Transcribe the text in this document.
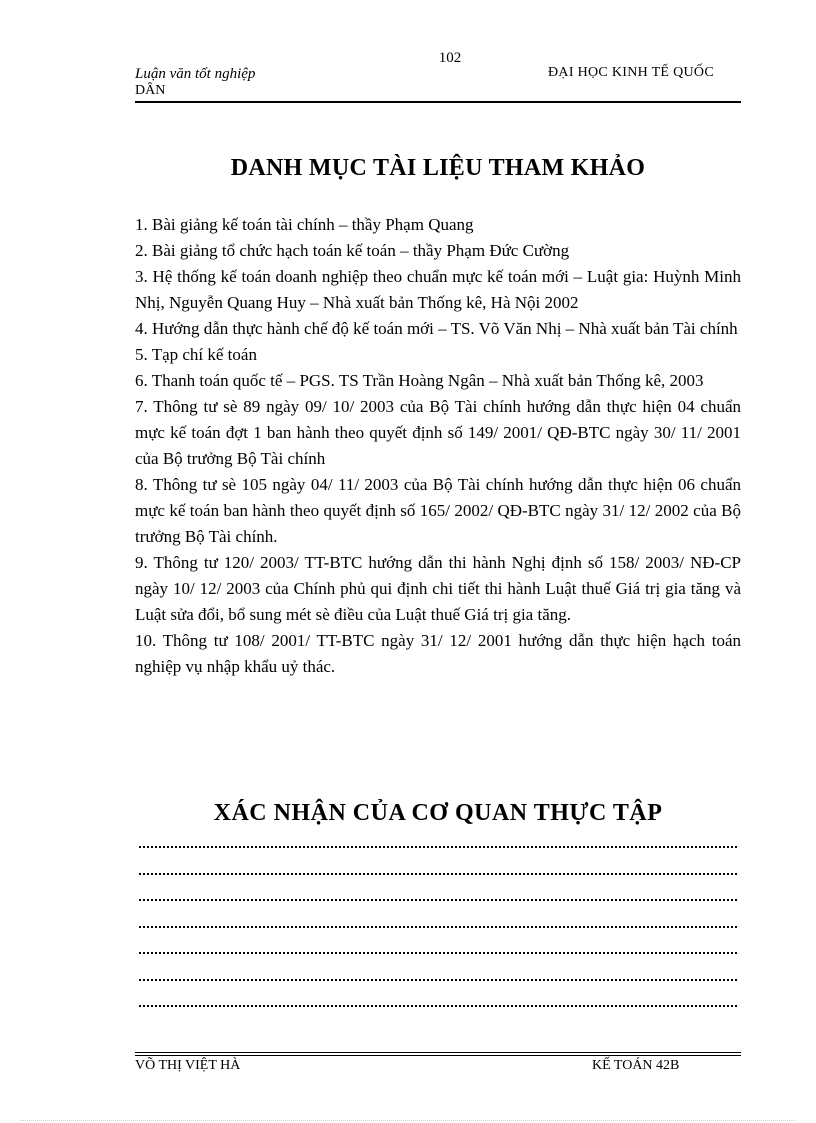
102
Luận văn tốt nghiệp	ĐẠI HỌC KINH TẾ QUỐC
DÂN
DANH MỤC TÀI LIỆU THAM KHẢO
1. Bài giảng kế toán tài chính – thầy Phạm Quang
2. Bài giảng tổ chức hạch toán kế toán – thầy Phạm Đức Cường
3. Hệ thống kế toán doanh nghiệp theo chuẩn mực kế toán mới – Luật gia: Huỳnh Minh Nhị, Nguyễn Quang Huy – Nhà xuất bản Thống kê, Hà Nội 2002
4. Hướng dẫn thực hành chế độ kế toán mới – TS. Võ Văn Nhị – Nhà xuất bản Tài chính
5. Tạp chí kế toán
6. Thanh toán quốc tế – PGS. TS Trần Hoàng Ngân – Nhà xuất bản Thống kê, 2003
7. Thông tư sè 89 ngày 09/ 10/ 2003 của Bộ Tài chính hướng dẫn thực hiện 04 chuẩn mực kế toán đợt 1 ban hành theo quyết định số 149/ 2001/ QĐ-BTC ngày 30/ 11/ 2001 của Bộ trưởng Bộ Tài chính
8. Thông tư sè 105 ngày 04/ 11/ 2003 của Bộ Tài chính hướng dẫn thực hiện 06 chuẩn mực kế toán ban hành theo quyết định số 165/ 2002/ QĐ-BTC ngày 31/ 12/ 2002 của Bộ trưởng Bộ Tài chính.
9. Thông tư 120/ 2003/ TT-BTC hướng dẫn thi hành Nghị định số 158/ 2003/ NĐ-CP ngày 10/ 12/ 2003 của Chính phủ qui định chi tiết thi hành Luật thuế Giá trị gia tăng và Luật sửa đổi, bổ sung mét sè điều của Luật thuế Giá trị gia tăng.
10. Thông tư 108/ 2001/ TT-BTC ngày 31/ 12/ 2001 hướng dẫn thực hiện hạch toán nghiệp vụ nhập khẩu uỷ thác.
XÁC NHẬN CỦA CƠ QUAN THỰC TẬP
VÕ THỊ VIỆT HÀ	KẾ TOÁN 42B
